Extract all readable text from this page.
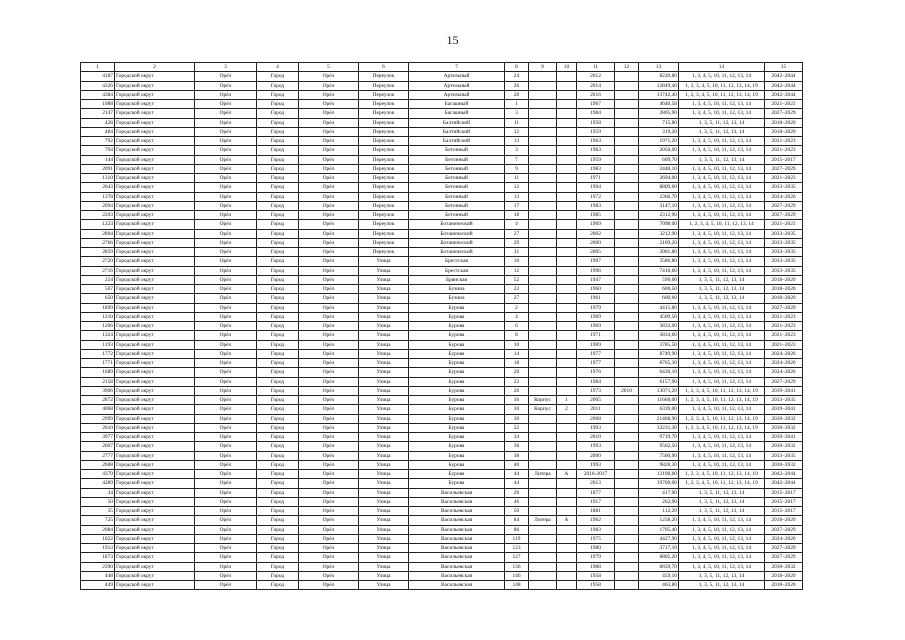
15
1	2	3	4	5	6	7	8	9	10	11	12	13	14	15
4187	Городской округ	Орёл	Город	Орёл	Переулок	Артельный	24			2012		8220,80	1, 3, 4, 5, 10, 11, 12, 13, 14	2042–2044
4326	Городской округ	Орёл	Город	Орёл	Переулок	Артельный	26			2014		12849,40	1, 2, 3, 4, 5, 10, 11, 12, 13, 14, 19	2042–2044
4384	Городской округ	Орёл	Город	Орёл	Переулок	Артельный	28			2016		13742,40	1, 2, 3, 4, 5, 10, 11, 12, 13, 14, 19	2042–2044
1088	Городской округ	Орёл	Город	Орёл	Переулок	Багашный	1			1967		4640,58	1, 3, 4, 5, 10, 11, 12, 13, 14	2021–2023
2147	Городской округ	Орёл	Город	Орёл	Переулок	Багашный	3			1984		2805,90	1, 3, 4, 5, 10, 11, 12, 13, 14	2027–2029
428	Городской округ	Орёл	Город	Орёл	Переулок	Балтийский	11			1958		715,80	1, 3, 5, 11, 12, 13, 14	2018–2020
484	Городской округ	Орёл	Город	Орёл	Переулок	Балтийский	12			1959		319,20	1, 3, 5, 11, 12, 13, 14	2018–2020
792	Городской округ	Орёл	Город	Орёл	Переулок	Балтийский	13			1963		1971,20	1, 3, 4, 5, 10, 11, 12, 13, 14	2021–2023
794	Городской округ	Орёл	Город	Орёл	Переулок	Бетонный	3			1963		2050,00	1, 3, 4, 5, 10, 11, 12, 13, 14	2021–2023
144	Городской округ	Орёл	Город	Орёл	Переулок	Бетонный	7			1959		609,70	1, 3, 5, 11, 12, 13, 14	2015–2017
2091	Городской округ	Орёл	Город	Орёл	Переулок	Бетонный	9			1983		2448,10	1, 3, 4, 5, 10, 11, 12, 13, 14	2027–2029
1310	Городской округ	Орёл	Город	Орёл	Переулок	Бетонный	11			1971		2694,00	1, 3, 4, 5, 10, 11, 12, 13, 14	2021–2023
2643	Городской округ	Орёл	Город	Орёл	Переулок	Бетонный	12			1994		8809,60	1, 3, 4, 5, 10, 11, 12, 13, 14	2033–2035
1378	Городской округ	Орёл	Город	Орёл	Переулок	Бетонный	13			1972		2366,70	1, 3, 4, 5, 10, 11, 12, 13, 14	2024–2026
2094	Городской округ	Орёл	Город	Орёл	Переулок	Бетонный	17			1983		3147,10	1, 3, 4, 5, 10, 11, 12, 13, 14	2027–2029
2203	Городской округ	Орёл	Город	Орёл	Переулок	Бетонный	18			1985		2312,90	1, 3, 4, 5, 10, 11, 12, 13, 14	2027–2029
1223	Городской округ	Орёл	Город	Орёл	Переулок	Ботанический	4			1969		7098,00	1, 2, 3, 4, 5, 10, 11, 12, 13, 14	2021–2023
2804	Городской округ	Орёл	Город	Орёл	Переулок	Ботанический	27			2002		3212,90	1, 3, 4, 5, 10, 11, 12, 13, 14	2033–2035
2766	Городской округ	Орёл	Город	Орёл	Переулок	Ботанический	29			2000		2169,20	1, 3, 4, 5, 10, 11, 12, 13, 14	2033–2035
2859	Городской округ	Орёл	Город	Орёл	Переулок	Ботанический	31			2005		3001,80	1, 3, 4, 5, 10, 11, 12, 13, 14	2033–2035
2720	Городской округ	Орёл	Город	Орёл	Улица	Брестская	10			1997		3586,80	1, 3, 4, 5, 10, 11, 12, 13, 14	2033–2035
2716	Городской округ	Орёл	Город	Орёл	Улица	Брестская	12			1996		7416,60	1, 3, 4, 5, 10, 11, 12, 13, 14	2033–2035
254	Городской округ	Орёл	Город	Орёл	Улица	Брянская	52			1947		590,60	1, 3, 5, 11, 12, 13, 14	2018–2020
567	Городской округ	Орёл	Город	Орёл	Улица	Бузина	22			1960		600,50	1, 3, 5, 11, 12, 13, 14	2018–2020
650	Городской округ	Орёл	Город	Орёл	Улица	Бузина	27			1961		600,60	1, 3, 5, 11, 12, 13, 14	2018–2020
1899	Городской округ	Орёл	Город	Орёл	Улица	Бурова	2			1979		4415,80	1, 3, 4, 5, 10, 11, 12, 13, 14	2027–2029
1210	Городской округ	Орёл	Город	Орёл	Улица	Бурова	4			1969		4509,50	1, 3, 4, 5, 10, 11, 12, 13, 14	2021–2023
1206	Городской округ	Орёл	Город	Орёл	Улица	Бурова	6			1969		3833,00	1, 3, 4, 5, 10, 11, 12, 13, 14	2021–2023
1324	Городской округ	Орёл	Город	Орёл	Улица	Бурова	8			1971		3834,60	1, 3, 4, 5, 10, 11, 12, 13, 14	2021–2023
1193	Городской округ	Орёл	Город	Орёл	Улица	Бурова	10			1969		3785,50	1, 3, 4, 5, 10, 11, 12, 13, 14	2021–2023
1772	Городской округ	Орёл	Город	Орёл	Улица	Бурова	14			1977		8749,90	1, 3, 4, 5, 10, 11, 12, 13, 14	2024–2026
1771	Городской округ	Орёл	Город	Орёл	Улица	Бурова	18			1977		8765,30	1, 3, 4, 5, 10, 11, 12, 13, 14	2024–2026
1689	Городской округ	Орёл	Город	Орёл	Улица	Бурова	20			1976		6436,10	1, 3, 4, 5, 10, 11, 12, 13, 14	2024–2026
2158	Городской округ	Орёл	Город	Орёл	Улица	Бурова	22			1984		6157,90	1, 3, 4, 5, 10, 11, 12, 13, 14	2027–2029
3966	Городской округ	Орёл	Город	Орёл	Улица	Бурова	26			1973	2010	13071,20	1, 2, 3, 4, 5, 10, 11, 12, 13, 14, 19	2039–2041
2872	Городской округ	Орёл	Город	Орёл	Улица	Бурова	30	Корпус	1	2005		11660,00	1, 2, 3, 4, 5, 10, 11, 12, 13, 14, 19	2033–2035
4068	Городской округ	Орёл	Город	Орёл	Улица	Бурова	30	Корпус	2	2011		6339,00	1, 3, 4, 5, 10, 11, 12, 13, 14	2039–2041
2999	Городской округ	Орёл	Город	Орёл	Улица	Бурова	30			2008		21468,90	1, 2, 3, 4, 5, 10, 11, 12, 13, 14, 19	2030–2032
2610	Городской округ	Орёл	Город	Орёл	Улица	Бурова	32			1993		12231,30	1, 2, 3, 4, 5, 10, 11, 12, 13, 14, 19	2030–2032
3977	Городской округ	Орёл	Город	Орёл	Улица	Бурова	34			2010		9719,70	1, 3, 4, 5, 10, 11, 12, 13, 14	2039–2041
2607	Городской округ	Орёл	Город	Орёл	Улица	Бурова	36			1993		9562,50	1, 3, 4, 5, 10, 11, 12, 13, 14	2030–2032
2777	Городской округ	Орёл	Город	Орёл	Улица	Бурова	38			2000		7560,90	1, 3, 4, 5, 10, 11, 12, 13, 14	2033–2035
2608	Городской округ	Орёл	Город	Орёл	Улица	Бурова	40			1993		9828,30	1, 3, 4, 5, 10, 11, 12, 13, 14	2030–2032
4379	Городской округ	Орёл	Город	Орёл	Улица	Бурова	44	Литера	А	2016-2017		12100,60	1, 2, 3, 4, 5, 10, 11, 12, 13, 14, 19	2042–2044
4289	Городской округ	Орёл	Город	Орёл	Улица	Бурова	44			2013		19700,00	1, 2, 3, 4, 5, 10, 11, 12, 13, 14, 19	2042–2044
34	Городской округ	Орёл	Город	Орёл	Улица	Васильевская	26			1877		417,00	1, 3, 5, 11, 12, 13, 14	2015–2017
50	Городской округ	Орёл	Город	Орёл	Улица	Васильевская	46			1917		262,90	1, 3, 5, 11, 12, 13, 14	2015–2017
35	Городской округ	Орёл	Город	Орёл	Улица	Васильевская	50			1881		112,20	1, 3, 5, 11, 12, 13, 14	2015–2017
725	Городской округ	Орёл	Город	Орёл	Улица	Васильевская	84	Литера	А	1962		1258,20	1, 3, 4, 5, 10, 11, 12, 13, 14	2018–2020
2084	Городской округ	Орёл	Город	Орёл	Улица	Васильевская	86			1983		1705,40	1, 3, 4, 5, 10, 11, 12, 13, 14	2027–2029
1622	Городской округ	Орёл	Город	Орёл	Улица	Васильевская	119			1975		4427,90	1, 3, 4, 5, 10, 11, 12, 13, 14	2024–2026
1913	Городской округ	Орёл	Город	Орёл	Улица	Васильевская	123			1980		3717,10	1, 3, 4, 5, 10, 11, 12, 13, 14	2027–2029
1873	Городской округ	Орёл	Город	Орёл	Улица	Васильевская	127			1979		8805,20	1, 3, 4, 5, 10, 11, 12, 13, 14	2027–2029
2390	Городской округ	Орёл	Город	Орёл	Улица	Васильевская	136			1988		8659,70	1, 3, 4, 5, 10, 11, 12, 13, 14	2030–2032
448	Городской округ	Орёл	Город	Орёл	Улица	Васильевская	146			1958		459,10	1, 3, 5, 11, 12, 13, 14	2018–2020
449	Городской округ	Орёл	Город	Орёл	Улица	Васильевская	148			1958		463,80	1, 3, 5, 11, 12, 13, 14	2018–2020
